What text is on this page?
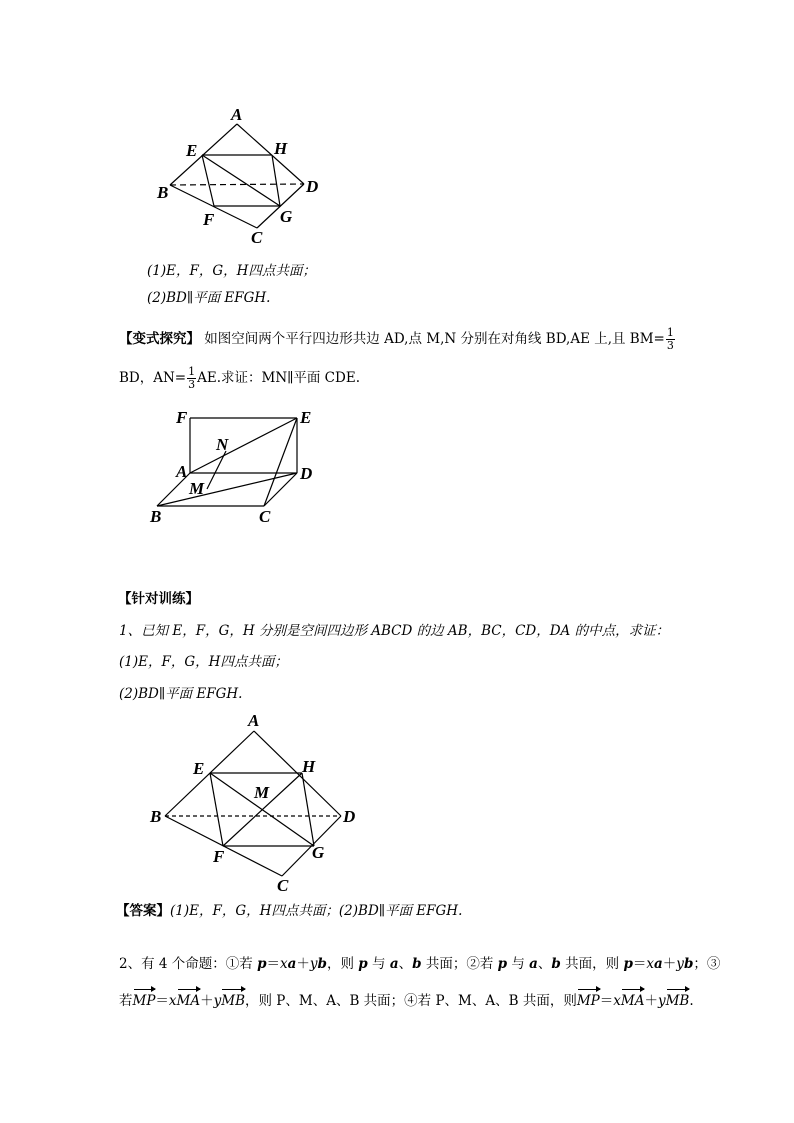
A
E	H
B	D
F	G
C
(1)E，F，G，H四点共面；
(2)BD∥平面 EFGH.
【变式探究】 如图空间两个平行四边形共边 AD,点 M,N 分别在对角线 BD,AE 上,且 $BM= \frac{1}{3}$
BD，$AN= \frac{1}{3}$ AE.求证：MN∥平面 CDE.
F	E
N
A	D
M
B	C
【针对训练】
1、已知 E，F，G，H 分别是空间四边形 ABCD 的边 AB，BC，CD，DA 的中点，求证：
(1)E，F，G，H四点共面；
(2)BD∥平面 EFGH.
A
E	H
M
B	D
F	G
C
【答案】(1)E，F，G，H四点共面；(2)BD∥平面 EFGH.
2、有 4 个命题：①若 p＝xa＋yb，则 p 与 a、b 共面；②若 p 与 a、b 共面，则 p＝xa＋yb；③
若MP＝xMA＋yMB，则 P、M、A、B 共面；④若 P、M、A、B 共面，则MP＝xMA＋yMB.
